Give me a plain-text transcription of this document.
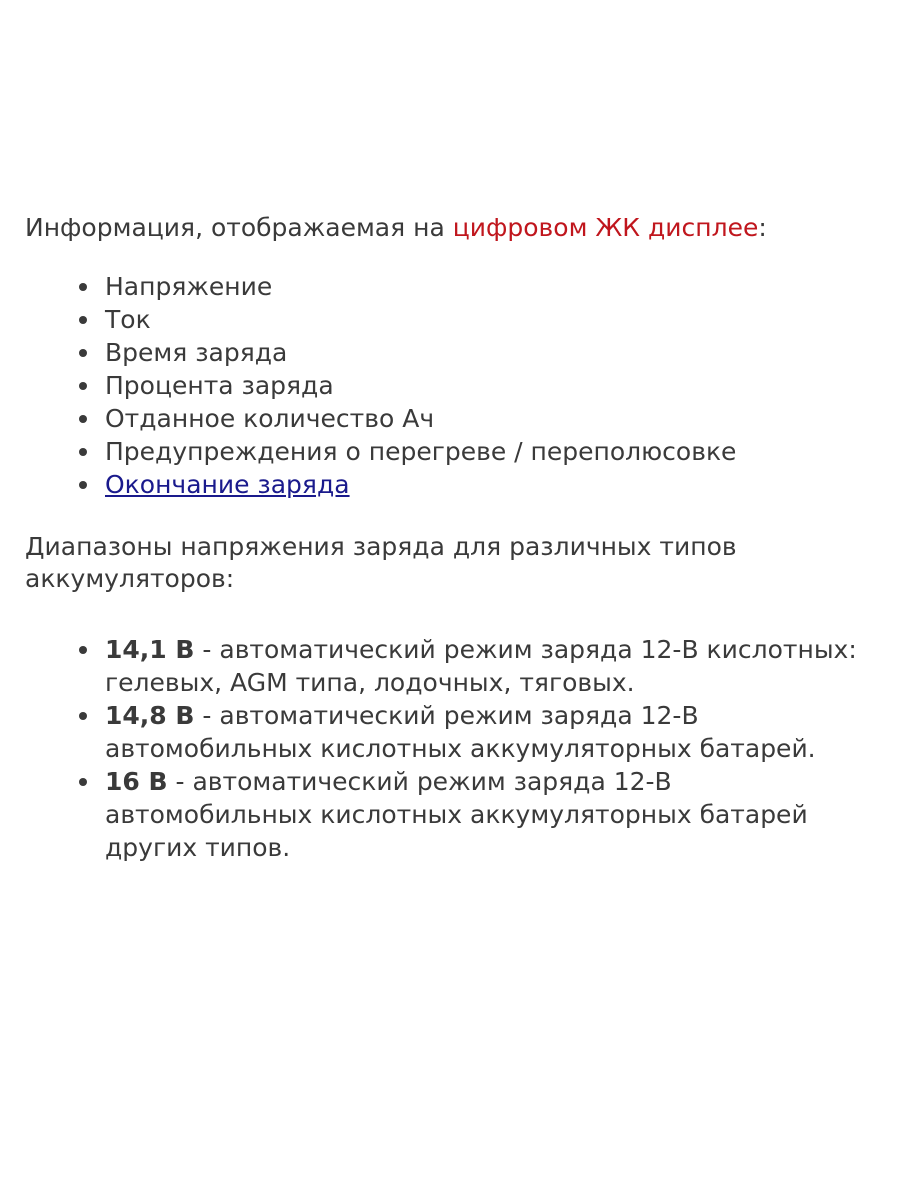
Информация, отображаемая на цифровом ЖК дисплее:

Напряжение
Ток
Время заряда
Процента заряда
Отданное количество Ач
Предупреждения о перегреве / переполюсовке
Окончание заряда

Диапазоны напряжения заряда для различных типов аккумуляторов:

14,1 В - автоматический режим заряда 12-В кислотных: гелевых, AGM типа, лодочных, тяговых.
14,8 В - автоматический режим заряда 12-В автомобильных кислотных аккумуляторных батарей.
16 В - автоматический режим заряда 12-В автомобильных кислотных аккумуляторных батарей других типов.
